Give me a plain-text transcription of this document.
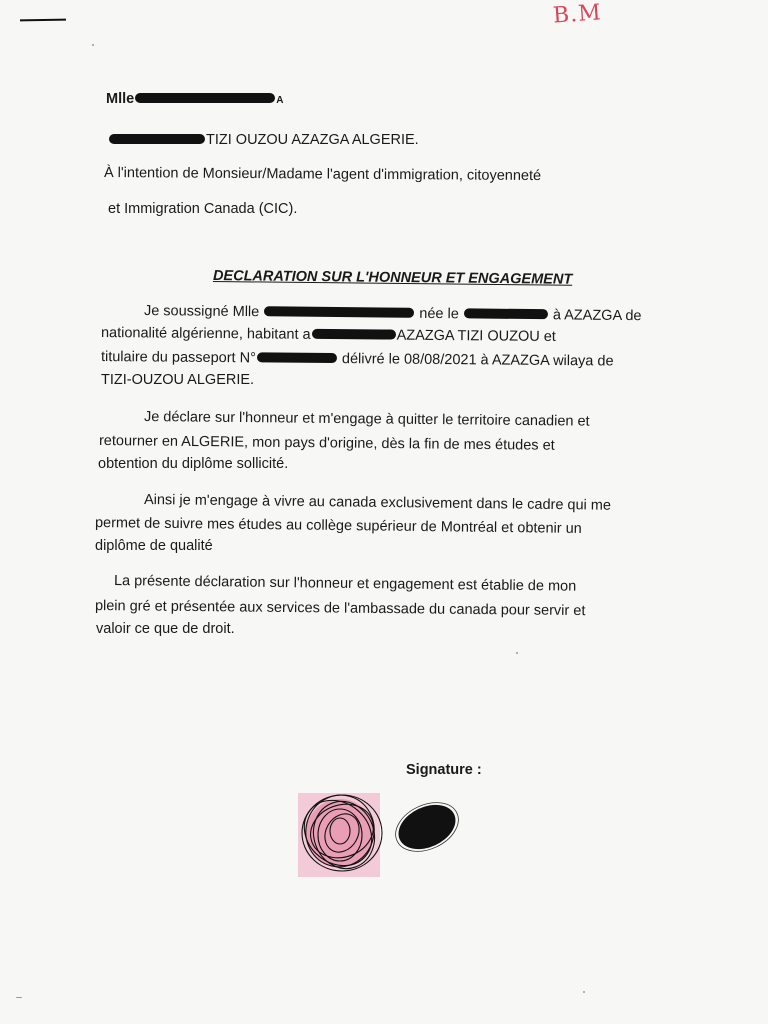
B.M
Mlle	A
TIZI OUZOU AZAZGA ALGERIE.
À l'intention de Monsieur/Madame l'agent d'immigration, citoyenneté
et Immigration Canada (CIC).
DECLARATION SUR L'HONNEUR ET ENGAGEMENT
Je soussigné Mlle	née le	à AZAZGA de
nationalité algérienne, habitant a	AZAZGA TIZI OUZOU et
titulaire du passeport N°	délivré le 08/08/2021 à AZAZGA wilaya de
TIZI-OUZOU ALGERIE.
Je déclare sur l'honneur et m'engage à quitter le territoire canadien et
retourner en ALGERIE, mon pays d'origine, dès la fin de mes études et
obtention du diplôme sollicité.
Ainsi je m'engage à vivre au canada exclusivement dans le cadre qui me
permet de suivre mes études au collège supérieur de Montréal et obtenir un
diplôme de qualité
La présente déclaration sur l'honneur et engagement est établie de mon
plein gré et présentée aux services de l'ambassade du canada pour servir et
valoir ce que de droit.
Signature :
